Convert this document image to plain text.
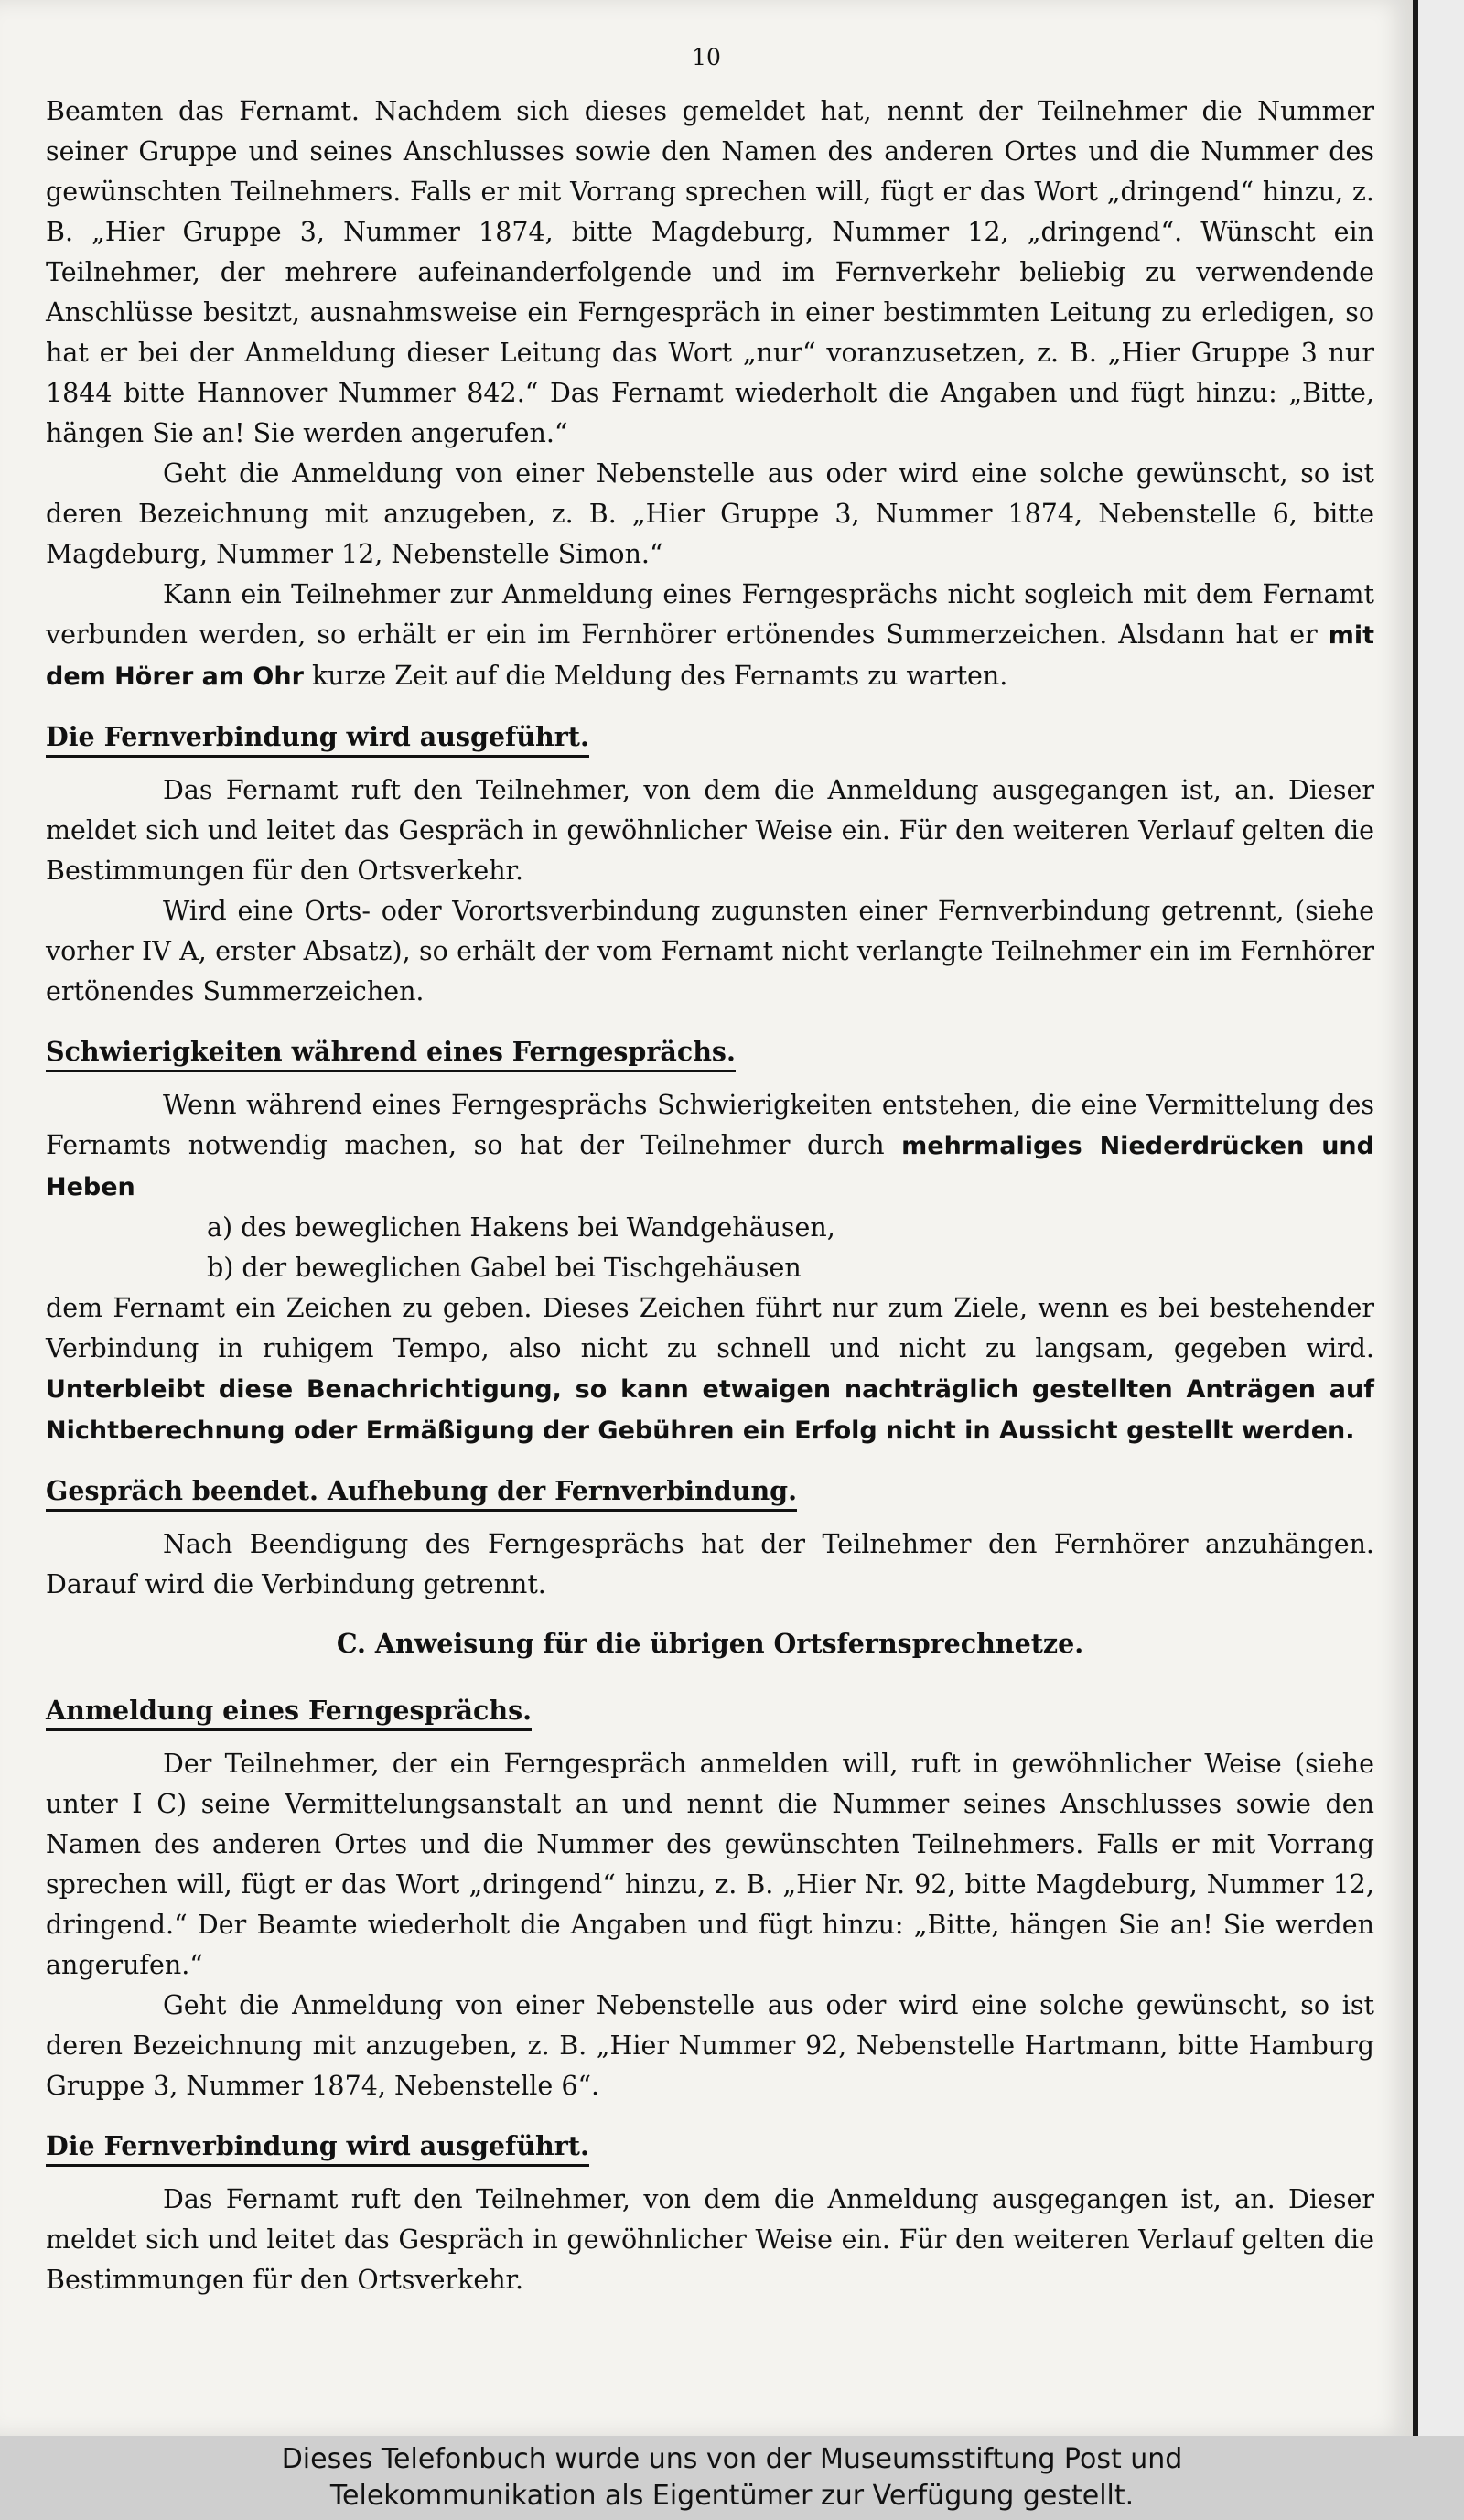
10

Beamten das Fernamt. Nachdem sich dieses gemeldet hat, nennt der Teilnehmer die Nummer seiner Gruppe und seines Anschlusses sowie den Namen des anderen Ortes und die Nummer des gewünschten Teilnehmers. Falls er mit Vorrang sprechen will, fügt er das Wort „dringend“ hinzu, z. B. „Hier Gruppe 3, Nummer 1874, bitte Magdeburg, Nummer 12, „dringend“. Wünscht ein Teilnehmer, der mehrere aufeinanderfolgende und im Fernverkehr beliebig zu verwendende Anschlüsse besitzt, ausnahmsweise ein Ferngespräch in einer bestimmten Leitung zu erledigen, so hat er bei der Anmeldung dieser Leitung das Wort „nur“ voranzusetzen, z. B. „Hier Gruppe 3 nur 1844 bitte Hannover Nummer 842.“ Das Fernamt wiederholt die Angaben und fügt hinzu: „Bitte, hängen Sie an! Sie werden angerufen.“

Geht die Anmeldung von einer Nebenstelle aus oder wird eine solche gewünscht, so ist deren Bezeichnung mit anzugeben, z. B. „Hier Gruppe 3, Nummer 1874, Nebenstelle 6, bitte Magdeburg, Nummer 12, Nebenstelle Simon.“

Kann ein Teilnehmer zur Anmeldung eines Ferngesprächs nicht sogleich mit dem Fernamt verbunden werden, so erhält er ein im Fernhörer ertönendes Summerzeichen. Alsdann hat er mit dem Hörer am Ohr kurze Zeit auf die Meldung des Fernamts zu warten.

Die Fernverbindung wird ausgeführt.

Das Fernamt ruft den Teilnehmer, von dem die Anmeldung ausgegangen ist, an. Dieser meldet sich und leitet das Gespräch in gewöhnlicher Weise ein. Für den weiteren Verlauf gelten die Bestimmungen für den Ortsverkehr.

Wird eine Orts- oder Vorortsverbindung zugunsten einer Fernverbindung getrennt, (siehe vorher IV A, erster Absatz), so erhält der vom Fernamt nicht verlangte Teilnehmer ein im Fernhörer ertönendes Summerzeichen.

Schwierigkeiten während eines Ferngesprächs.

Wenn während eines Ferngesprächs Schwierigkeiten entstehen, die eine Vermittelung des Fernamts notwendig machen, so hat der Teilnehmer durch mehrmaliges Niederdrücken und Heben

a) des beweglichen Hakens bei Wandgehäusen,

b) der beweglichen Gabel bei Tischgehäusen

dem Fernamt ein Zeichen zu geben. Dieses Zeichen führt nur zum Ziele, wenn es bei bestehender Verbindung in ruhigem Tempo, also nicht zu schnell und nicht zu langsam, gegeben wird. Unterbleibt diese Benachrichtigung, so kann etwaigen nachträglich gestellten Anträgen auf Nichtberechnung oder Ermäßigung der Gebühren ein Erfolg nicht in Aussicht gestellt werden.

Gespräch beendet. Aufhebung der Fernverbindung.

Nach Beendigung des Ferngesprächs hat der Teilnehmer den Fernhörer anzuhängen. Darauf wird die Verbindung getrennt.

C. Anweisung für die übrigen Ortsfernsprechnetze.

Anmeldung eines Ferngesprächs.

Der Teilnehmer, der ein Ferngespräch anmelden will, ruft in gewöhnlicher Weise (siehe unter I C) seine Vermittelungsanstalt an und nennt die Nummer seines Anschlusses sowie den Namen des anderen Ortes und die Nummer des gewünschten Teilnehmers. Falls er mit Vorrang sprechen will, fügt er das Wort „dringend“ hinzu, z. B. „Hier Nr. 92, bitte Magdeburg, Nummer 12, dringend.“ Der Beamte wiederholt die Angaben und fügt hinzu: „Bitte, hängen Sie an! Sie werden angerufen.“

Geht die Anmeldung von einer Nebenstelle aus oder wird eine solche gewünscht, so ist deren Bezeichnung mit anzugeben, z. B. „Hier Nummer 92, Nebenstelle Hartmann, bitte Hamburg Gruppe 3, Nummer 1874, Nebenstelle 6“.

Die Fernverbindung wird ausgeführt.

Das Fernamt ruft den Teilnehmer, von dem die Anmeldung ausgegangen ist, an. Dieser meldet sich und leitet das Gespräch in gewöhnlicher Weise ein. Für den weiteren Verlauf gelten die Bestimmungen für den Ortsverkehr.

Dieses Telefonbuch wurde uns von der Museumsstiftung Post und
Telekommunikation als Eigentümer zur Verfügung gestellt.
